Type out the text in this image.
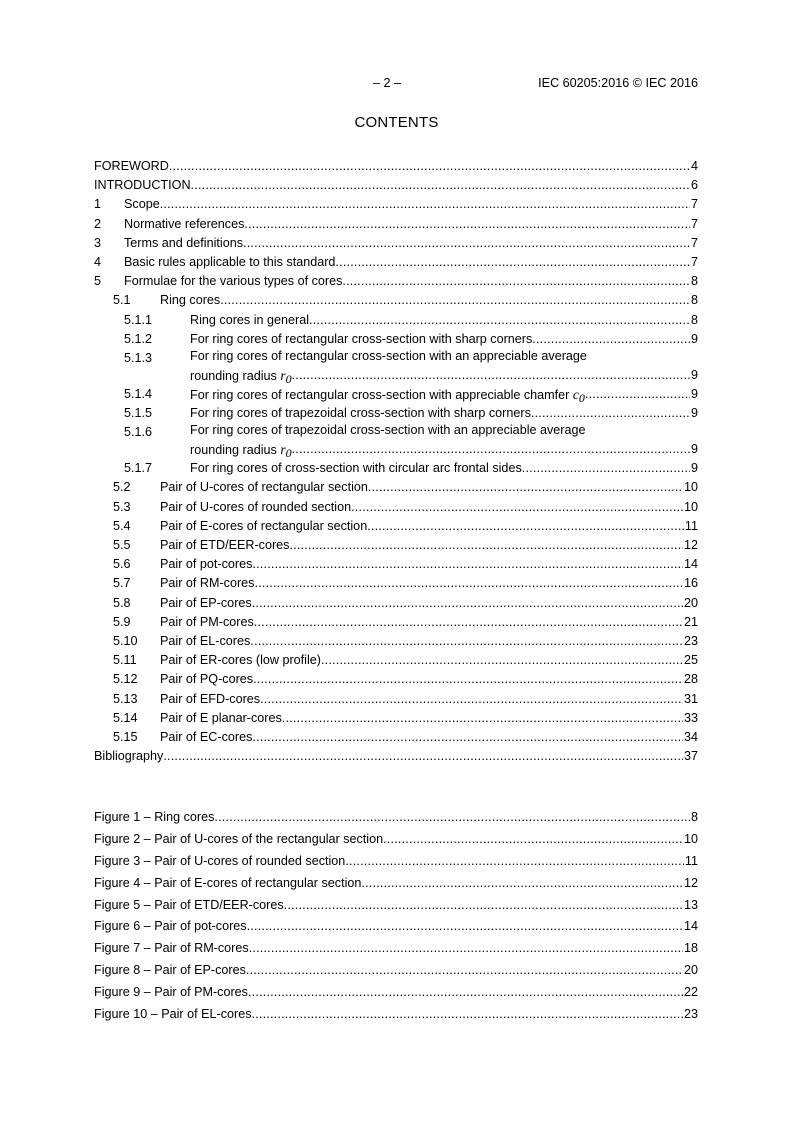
– 2 –	IEC 60205:2016 © IEC 2016
CONTENTS
FOREWORD . . .	4
INTRODUCTION . . .	6
1 Scope . . .	7
2 Normative references . . .	7
3 Terms and definitions . . .	7
4 Basic rules applicable to this standard . . .	7
5 Formulae for the various types of cores . . .	8
5.1 Ring cores . . .	8
5.1.1	Ring cores in general . . .	8
5.1.2	For ring cores of rectangular cross-section with sharp corners . . .	9
5.1.3	For ring cores of rectangular cross-section with an appreciable average
rounding radius r0 . . .	9
5.1.4	For ring cores of rectangular cross-section with appreciable chamfer c0 . . .	9
5.1.5	For ring cores of trapezoidal cross-section with sharp corners . . .	9
5.1.6	For ring cores of trapezoidal cross-section with an appreciable average
rounding radius r0 . . .	9
5.1.7	For ring cores of cross-section with circular arc frontal sides . . .	9
5.2 Pair of U-cores of rectangular section . . .	10
5.3 Pair of U-cores of rounded section . . .	10
5.4 Pair of E-cores of rectangular section . . .	11
5.5 Pair of ETD/EER-cores . . .	12
5.6 Pair of pot-cores . . .	14
5.7 Pair of RM-cores . . .	16
5.8 Pair of EP-cores . . .	20
5.9 Pair of PM-cores . . .	21
5.10 Pair of EL-cores . . .	23
5.11 Pair of ER-cores (low profile) . . .	25
5.12 Pair of PQ-cores . . .	28
5.13 Pair of EFD-cores . . .	31
5.14 Pair of E planar-cores . . .	33
5.15 Pair of EC-cores . . .	34
Bibliography . . .	37
Figure 1 – Ring cores . . .	8
Figure 2 – Pair of U-cores of the rectangular section . . .	10
Figure 3 – Pair of U-cores of rounded section . . .	11
Figure 4 – Pair of E-cores of rectangular section . . .	12
Figure 5 – Pair of ETD/EER-cores . . .	13
Figure 6 – Pair of pot-cores . . .	14
Figure 7 – Pair of RM-cores . . .	18
Figure 8 – Pair of EP-cores . . .	20
Figure 9 – Pair of PM-cores . . .	22
Figure 10 – Pair of EL-cores . . .	23
